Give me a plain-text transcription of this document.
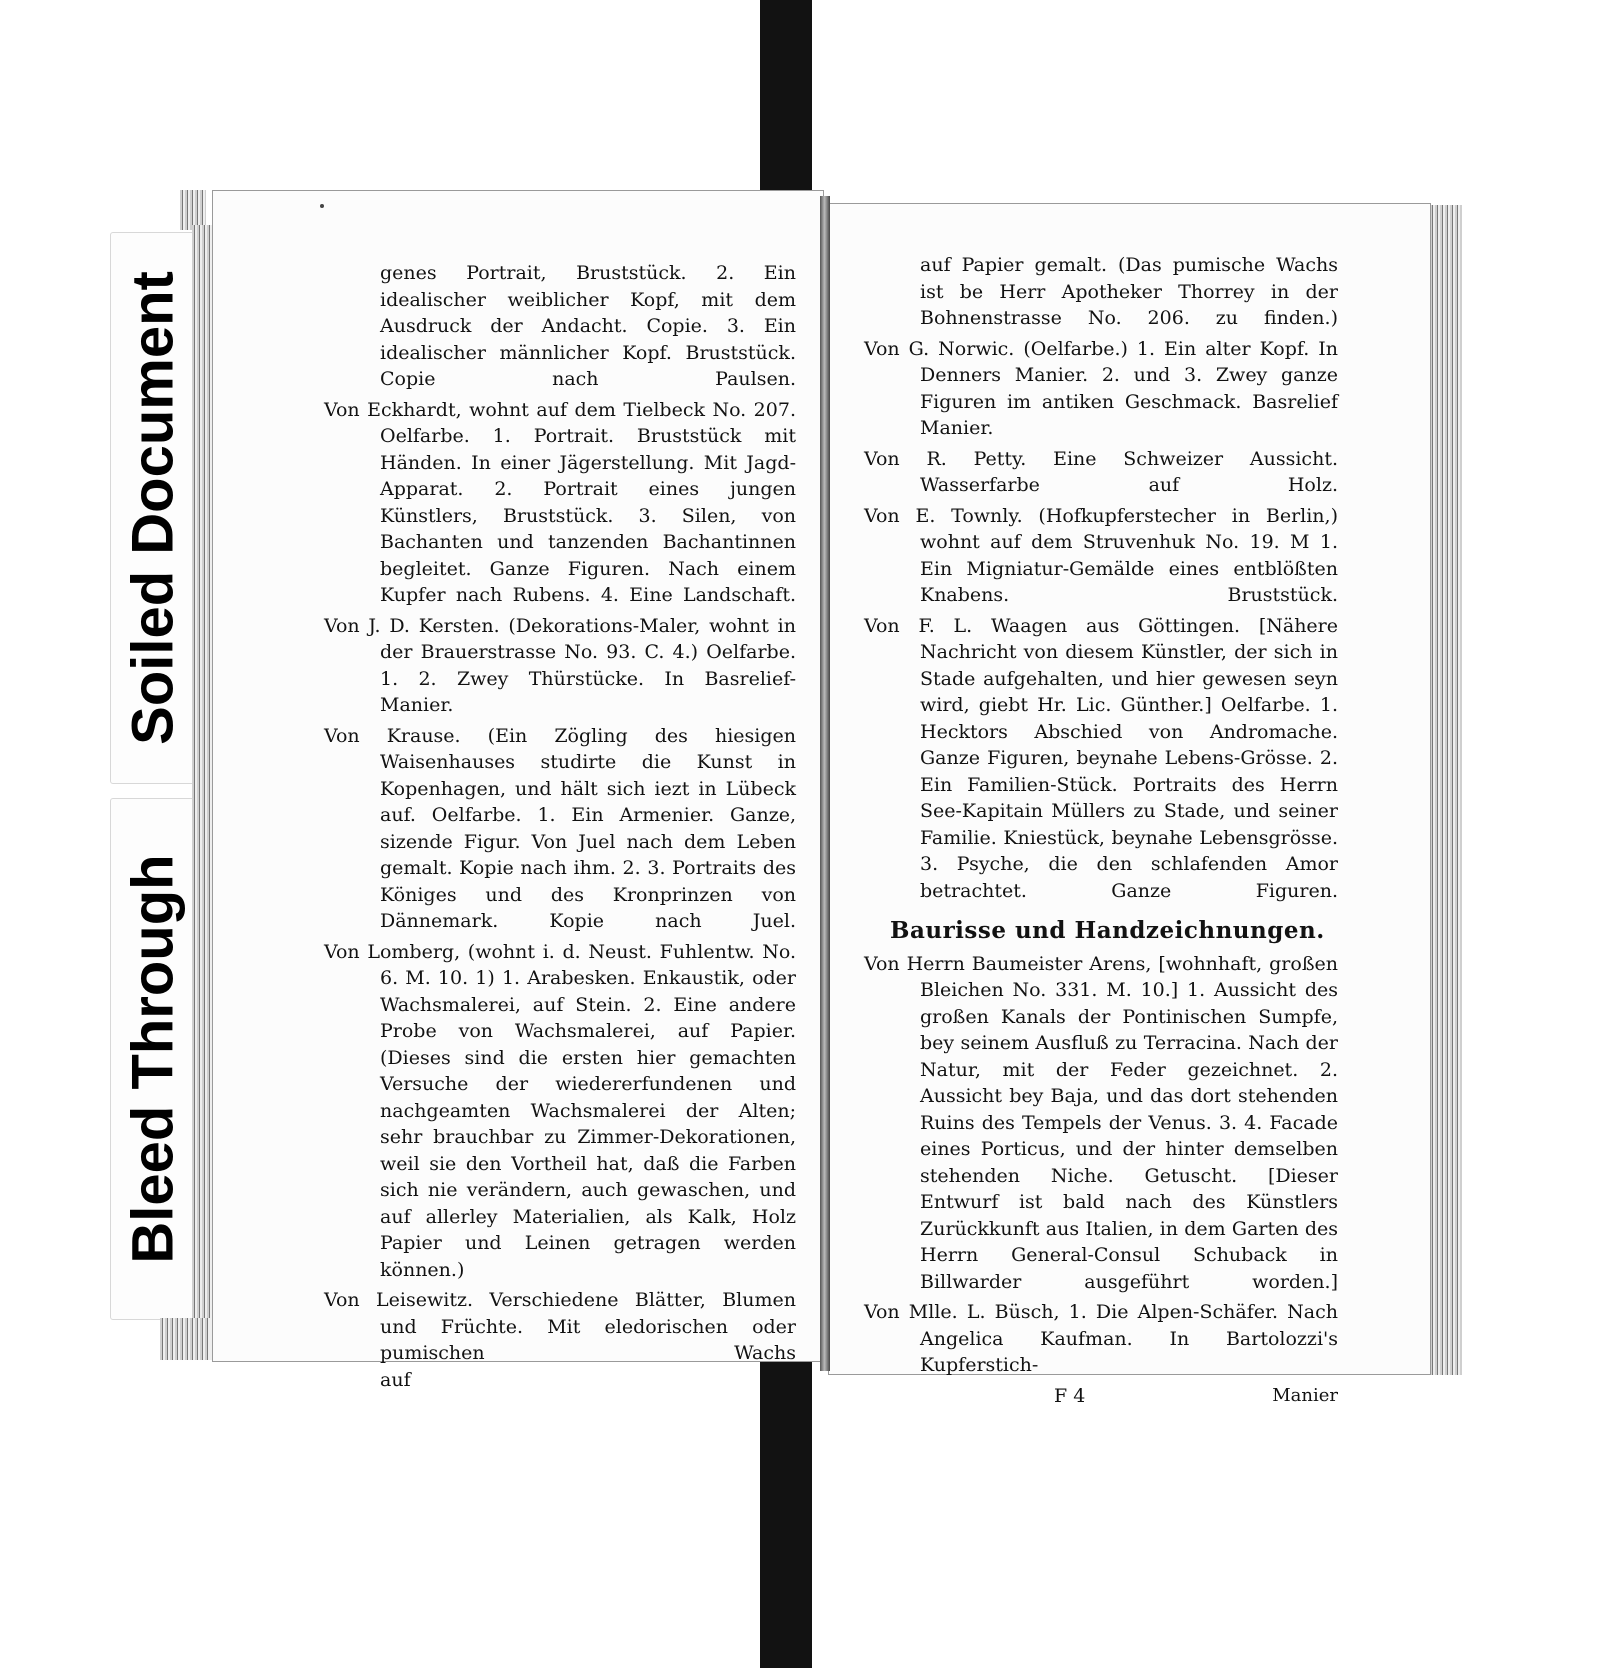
Soiled Document
Bleed Through

genes Portrait, Bruststück. 2. Ein idealischer weiblicher Kopf, mit dem Ausdruck der Andacht. Copie. 3. Ein idealischer männlicher Kopf. Bruststück. Copie nach Paulsen.

Von Eckhardt, wohnt auf dem Tielbeck No. 207. Oelfarbe. 1. Portrait. Bruststück mit Händen. In einer Jägerstellung. Mit Jagd-Apparat. 2. Portrait eines jungen Künstlers, Bruststück. 3. Silen, von Bachanten und tanzenden Bachantinnen begleitet. Ganze Figuren. Nach einem Kupfer nach Rubens. 4. Eine Landschaft.

Von J. D. Kersten. (Dekorations-Maler, wohnt in der Brauerstrasse No. 93. C. 4.) Oelfarbe. 1. 2. Zwey Thürstücke. In Basrelief-Manier.

Von Krause. (Ein Zögling des hiesigen Waisenhauses studirte die Kunst in Kopenhagen, und hält sich iezt in Lübeck auf. Oelfarbe. 1. Ein Armenier. Ganze, sizende Figur. Von Juel nach dem Leben gemalt. Kopie nach ihm. 2. 3. Portraits des Königes und des Kronprinzen von Dännemark. Kopie nach Juel.

Von Lomberg, (wohnt i. d. Neust. Fuhlentw. No. 6. M. 10. 1) 1. Arabesken. Enkaustik, oder Wachsmalerei, auf Stein. 2. Eine andere Probe von Wachsmalerei, auf Papier. (Dieses sind die ersten hier gemachten Versuche der wiedererfundenen und nachgeamten Wachsmalerei der Alten; sehr brauchbar zu Zimmer-Dekorationen, weil sie den Vortheil hat, daß die Farben sich nie verändern, auch gewaschen, und auf allerley Materialien, als Kalk, Holz Papier und Leinen getragen werden können.)

Von Leisewitz. Verschiedene Blätter, Blumen und Früchte. Mit eledorischen oder pumischen Wachs

auf

auf Papier gemalt. (Das pumische Wachs ist be Herr Apotheker Thorrey in der Bohnenstrasse No. 206. zu finden.)

Von G. Norwic. (Oelfarbe.) 1. Ein alter Kopf. In Denners Manier. 2. und 3. Zwey ganze Figuren im antiken Geschmack. Basrelief Manier.

Von R. Petty. Eine Schweizer Aussicht. Wasserfarbe auf Holz.

Von E. Townly. (Hofkupferstecher in Berlin,) wohnt auf dem Struvenhuk No. 19. M 1. Ein Migniatur-Gemälde eines entblößten Knabens. Bruststück.

Von F. L. Waagen aus Göttingen. [Nähere Nachricht von diesem Künstler, der sich in Stade aufgehalten, und hier gewesen seyn wird, giebt Hr. Lic. Günther.] Oelfarbe. 1. Hecktors Abschied von Andromache. Ganze Figuren, beynahe Lebens-Grösse. 2. Ein Familien-Stück. Portraits des Herrn See-Kapitain Müllers zu Stade, und seiner Familie. Kniestück, beynahe Lebensgrösse. 3. Psyche, die den schlafenden Amor betrachtet. Ganze Figuren.

Baurisse und Handzeichnungen.

Von Herrn Baumeister Arens, [wohnhaft, großen Bleichen No. 331. M. 10.] 1. Aussicht des großen Kanals der Pontinischen Sumpfe, bey seinem Ausfluß zu Terracina. Nach der Natur, mit der Feder gezeichnet. 2. Aussicht bey Baja, und das dort stehenden Ruins des Tempels der Venus. 3. 4. Facade eines Porticus, und der hinter demselben stehenden Niche. Getuscht. [Dieser Entwurf ist bald nach des Künstlers Zurückkunft aus Italien, in dem Garten des Herrn General-Consul Schuback in Billwarder ausgeführt worden.]

Von Mlle. L. Büsch, 1. Die Alpen-Schäfer. Nach Angelica Kaufman. In Bartolozzi's Kupferstich-

F 4	Manier
